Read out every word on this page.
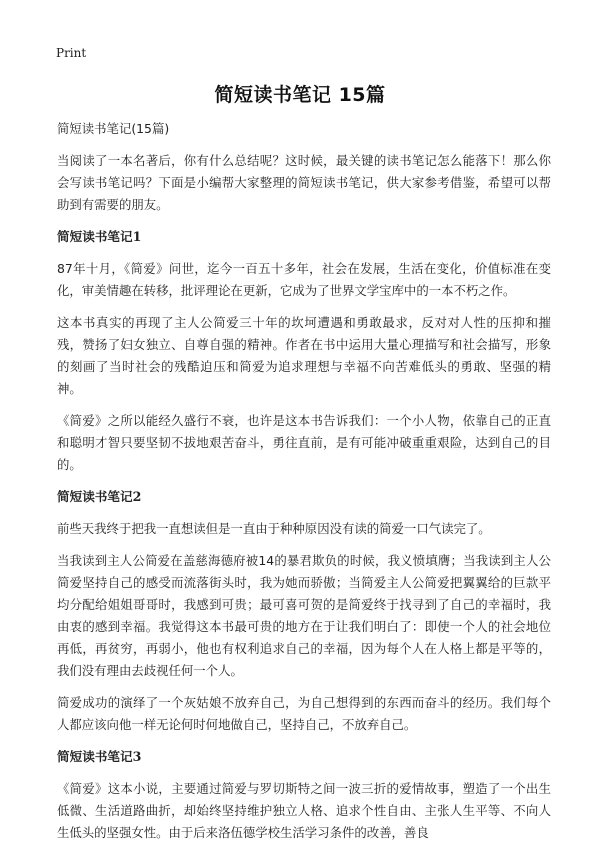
Print
简短读书笔记 15篇
简短读书笔记(15篇)

当阅读了一本名著后，你有什么总结呢？这时候，最关键的读书笔记怎么能落下！那么你会写读书笔记吗？下面是小编帮大家整理的简短读书笔记，供大家参考借鉴，希望可以帮助到有需要的朋友。

简短读书笔记1

87年十月，《简爱》问世，迄今一百五十多年，社会在发展，生活在变化，价值标准在变化，审美情趣在转移，批评理论在更新，它成为了世界文学宝库中的一本不朽之作。

这本书真实的再现了主人公简爱三十年的坎坷遭遇和勇敢最求，反对对人性的压抑和摧残，赞扬了妇女独立、自尊自强的精神。作者在书中运用大量心理描写和社会描写，形象的刻画了当时社会的残酷迫压和简爱为追求理想与幸福不向苦难低头的勇敢、坚强的精神。

《简爱》之所以能经久盛行不衰，也许是这本书告诉我们：一个小人物，依靠自己的正直和聪明才智只要坚韧不拔地艰苦奋斗，勇往直前，是有可能冲破重重艰险，达到自己的目的。

简短读书笔记2

前些天我终于把我一直想读但是一直由于种种原因没有读的简爱一口气读完了。

当我读到主人公简爱在盖慈海德府被14的暴君欺负的时候，我义愤填膺；当我读到主人公简爱坚持自己的感受而流落街头时，我为她而骄傲；当简爱主人公简爱把翼翼给的巨款平均分配给姐姐哥哥时，我感到可贵；最可喜可贺的是简爱终于找寻到了自己的幸福时，我由衷的感到幸福。我觉得这本书最可贵的地方在于让我们明白了：即使一个人的社会地位再低，再贫穷，再弱小，他也有权利追求自己的幸福，因为每个人在人格上都是平等的，我们没有理由去歧视任何一个人。

简爱成功的演绎了一个灰姑娘不放弃自己，为自己想得到的东西而奋斗的经历。我们每个人都应该向他一样无论何时何地做自己，坚持自己，不放弃自己。

简短读书笔记3

《简爱》这本小说，主要通过简爱与罗切斯特之间一波三折的爱情故事，塑造了一个出生低微、生活道路曲折，却始终坚持维护独立人格、追求个性自由、主张人生平等、不向人生低头的坚强女性。由于后来洛伍德学校生活学习条件的改善，善良
